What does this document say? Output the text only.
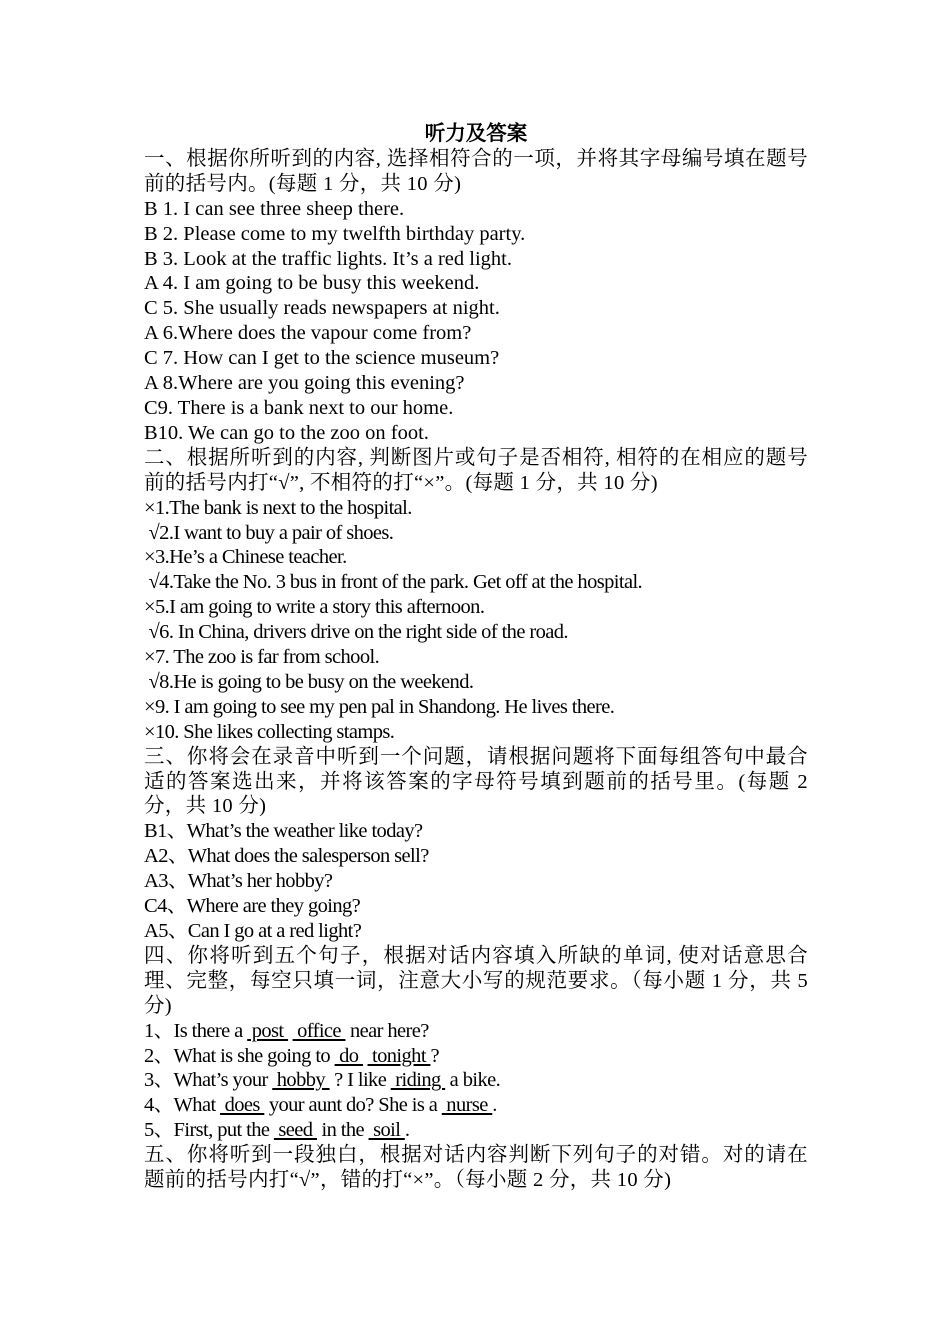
听力及答案
一、根据你所听到的内容, 选择相符合的一项，并将其字母编号填在题号前的括号内。(每题 1 分，共 10 分)
B 1. I can see three sheep there.
B 2. Please come to my twelfth birthday party.
B 3. Look at the traffic lights. It’s a red light.
A 4. I am going to be busy this weekend.
C 5. She usually reads newspapers at night.
A 6.Where does the vapour come from?
C 7. How can I get to the science museum?
A 8.Where are you going this evening?
C9. There is a bank next to our home.
B10. We can go to the zoo on foot.
二、根据所听到的内容, 判断图片或句子是否相符, 相符的在相应的题号前的括号内打“√”, 不相符的打“×”。(每题 1 分，共 10 分)
×1.The bank is next to the hospital.
√2.I want to buy a pair of shoes.
×3.He’s a Chinese teacher.
√4.Take the No. 3 bus in front of the park. Get off at the hospital.
×5.I am going to write a story this afternoon.
√6. In China, drivers drive on the right side of the road.
×7. The zoo is far from school.
√8.He is going to be busy on the weekend.
×9. I am going to see my pen pal in Shandong. He lives there.
×10. She likes collecting stamps.
三、你将会在录音中听到一个问题，请根据问题将下面每组答句中最合适的答案选出来，并将该答案的字母符号填到题前的括号里。(每题 2 分，共 10 分)
B1、What’s the weather like today?
A2、What does the salesperson sell?
A3、What’s her hobby?
C4、Where are they going?
A5、Can I go at a red light?
四、你将听到五个句子，根据对话内容填入所缺的单词, 使对话意思合理、完整，每空只填一词，注意大小写的规范要求。（每小题 1 分，共 5 分)
1、Is there a  post   office  near here?
2、What is she going to  do   tonight ?
3、What’s your  hobby  ? I like  riding  a bike.
4、What  does  your aunt do? She is a  nurse .
5、First, put the  seed  in the  soil .
五、你将听到一段独白，根据对话内容判断下列句子的对错。对的请在题前的括号内打“√”，错的打“×”。（每小题 2 分，共 10 分)
